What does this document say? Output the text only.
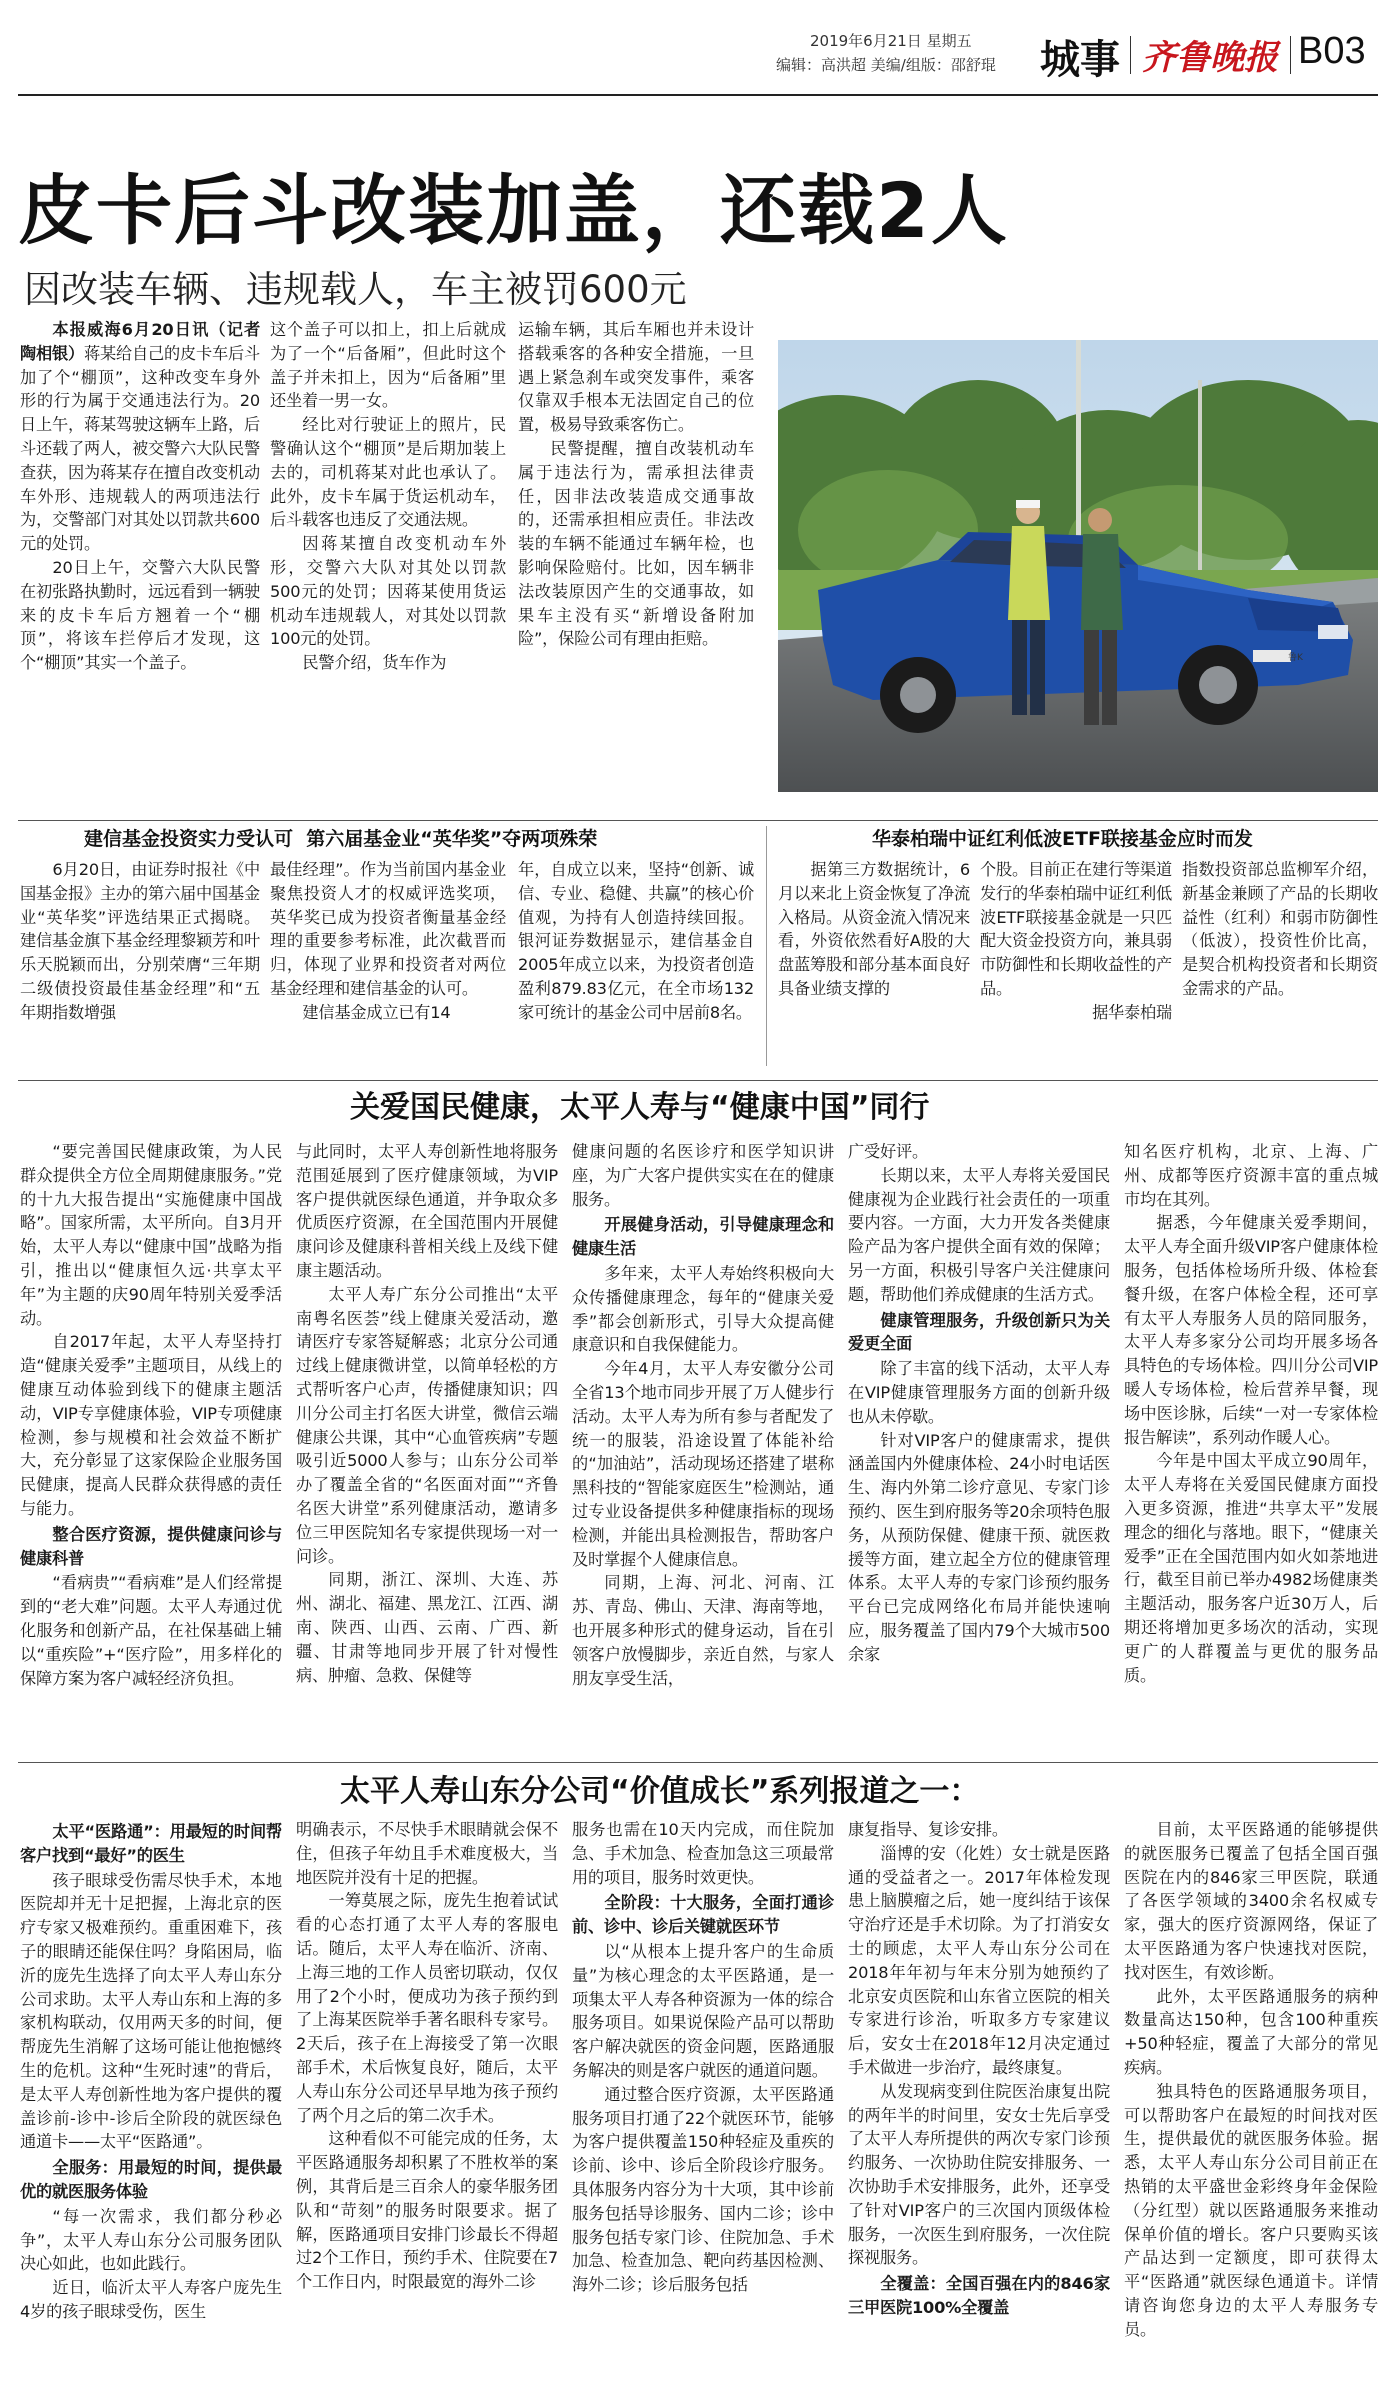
2019年6月21日 星期五
编辑：高洪超 美编/组版：邵舒琨 城事 齐鲁晚报 B03
皮卡后斗改装加盖，还载2人
因改装车辆、违规载人，车主被罚600元

本报威海6月20日讯（记者 陶相银）蒋某给自己的皮卡车后斗加了个“棚顶”，这种改变车身外形的行为属于交通违法行为。20日上午，蒋某驾驶这辆车上路，后斗还载了两人，被交警六大队民警查获，因为蒋某存在擅自改变机动车外形、违规载人的两项违法行为，交警部门对其处以罚款共600元的处罚。

20日上午，交警六大队民警在初张路执勤时，远远看到一辆驶来的皮卡车后方翘着一个“棚顶”，将该车拦停后才发现，这个“棚顶”其实一个盖子。

这个盖子可以扣上，扣上后就成为了一个“后备厢”，但此时这个盖子并未扣上，因为“后备厢”里还坐着一男一女。

经比对行驶证上的照片，民警确认这个“棚顶”是后期加装上去的，司机蒋某对此也承认了。此外，皮卡车属于货运机动车，后斗载客也违反了交通法规。

因蒋某擅自改变机动车外形，交警六大队对其处以罚款500元的处罚；因蒋某使用货运机动车违规载人，对其处以罚款100元的处罚。

民警介绍，货车作为

运输车辆，其后车厢也并未设计搭载乘客的各种安全措施，一旦遇上紧急刹车或突发事件，乘客仅靠双手根本无法固定自己的位置，极易导致乘客伤亡。

民警提醒，擅自改装机动车属于违法行为，需承担法律责任，因非法改装造成交通事故的，还需承担相应责任。非法改装的车辆不能通过车辆年检，也影响保险赔付。比如，因车辆非法改装原因产生的交通事故，如果车主没有买“新增设备附加险”，保险公司有理由拒赔。

鲁K
建信基金投资实力受认可  第六届基金业“英华奖”夺两项殊荣

6月20日，由证券时报社《中国基金报》主办的第六届中国基金业“英华奖”评选结果正式揭晓。建信基金旗下基金经理黎颖芳和叶乐天脱颖而出，分别荣膺“三年期二级债投资最佳基金经理”和“五年期指数增强

最佳经理”。作为当前国内基金业聚焦投资人才的权威评选奖项，英华奖已成为投资者衡量基金经理的重要参考标准，此次截晋而归，体现了业界和投资者对两位基金经理和建信基金的认可。

建信基金成立已有14

年，自成立以来，坚持“创新、诚信、专业、稳健、共赢”的核心价值观，为持有人创造持续回报。银河证券数据显示，建信基金自2005年成立以来，为投资者创造盈利879.83亿元，在全市场132家可统计的基金公司中居前8名。

华泰柏瑞中证红利低波ETF联接基金应时而发

据第三方数据统计，6月以来北上资金恢复了净流入格局。从资金流入情况来看，外资依然看好A股的大盘蓝筹股和部分基本面良好具备业绩支撑的

个股。目前正在建行等渠道发行的华泰柏瑞中证红利低波ETF联接基金就是一只匹配大资金投资方向，兼具弱市防御性和长期收益性的产品。

据华泰柏瑞

指数投资部总监柳军介绍，新基金兼顾了产品的长期收益性（红利）和弱市防御性（低波），投资性价比高，是契合机构投资者和长期资金需求的产品。

关爱国民健康，太平人寿与“健康中国”同行

“要完善国民健康政策，为人民群众提供全方位全周期健康服务。”党的十九大报告提出“实施健康中国战略”。国家所需，太平所向。自3月开始，太平人寿以“健康中国”战略为指引，推出以“健康恒久远·共享太平年”为主题的庆90周年特别关爱季活动。

自2017年起，太平人寿坚持打造“健康关爱季”主题项目，从线上的健康互动体验到线下的健康主题活动，VIP专享健康体验，VIP专项健康检测，参与规模和社会效益不断扩大，充分彰显了这家保险企业服务国民健康，提高人民群众获得感的责任与能力。

整合医疗资源，提供健康问诊与健康科普

“看病贵”“看病难”是人们经常提到的“老大难”问题。太平人寿通过优化服务和创新产品，在社保基础上辅以“重疾险”+“医疗险”，用多样化的保障方案为客户减轻经济负担。

与此同时，太平人寿创新性地将服务范围延展到了医疗健康领域，为VIP客户提供就医绿色通道，并争取众多优质医疗资源，在全国范围内开展健康问诊及健康科普相关线上及线下健康主题活动。

太平人寿广东分公司推出“太平南粤名医荟”线上健康关爱活动，邀请医疗专家答疑解惑；北京分公司通过线上健康微讲堂，以简单轻松的方式帮听客户心声，传播健康知识；四川分公司主打名医大讲堂，微信云端健康公共课，其中“心血管疾病”专题吸引近5000人参与；山东分公司举办了覆盖全省的“名医面对面”“齐鲁名医大讲堂”系列健康活动，邀请多位三甲医院知名专家提供现场一对一问诊。

同期，浙江、深圳、大连、苏州、湖北、福建、黑龙江、江西、湖南、陕西、山西、云南、广西、新疆、甘肃等地同步开展了针对慢性病、肿瘤、急救、保健等

健康问题的名医诊疗和医学知识讲座，为广大客户提供实实在在的健康服务。

开展健身活动，引导健康理念和健康生活

多年来，太平人寿始终积极向大众传播健康理念，每年的“健康关爱季”都会创新形式，引导大众提高健康意识和自我保健能力。

今年4月，太平人寿安徽分公司全省13个地市同步开展了万人健步行活动。太平人寿为所有参与者配发了统一的服装，沿途设置了体能补给的“加油站”，活动现场还搭建了堪称黑科技的“智能家庭医生”检测站，通过专业设备提供多种健康指标的现场检测，并能出具检测报告，帮助客户及时掌握个人健康信息。

同期，上海、河北、河南、江苏、青岛、佛山、天津、海南等地，也开展多种形式的健身运动，旨在引领客户放慢脚步，亲近自然，与家人朋友享受生活，

广受好评。

长期以来，太平人寿将关爱国民健康视为企业践行社会责任的一项重要内容。一方面，大力开发各类健康险产品为客户提供全面有效的保障；另一方面，积极引导客户关注健康问题，帮助他们养成健康的生活方式。

健康管理服务，升级创新只为关爱更全面

除了丰富的线下活动，太平人寿在VIP健康管理服务方面的创新升级也从未停歇。

针对VIP客户的健康需求，提供涵盖国内外健康体检、24小时电话医生、海内外第二诊疗意见、专家门诊预约、医生到府服务等20余项特色服务，从预防保健、健康干预、就医救援等方面，建立起全方位的健康管理体系。太平人寿的专家门诊预约服务平台已完成网络化布局并能快速响应，服务覆盖了国内79个大城市500余家

知名医疗机构，北京、上海、广州、成都等医疗资源丰富的重点城市均在其列。

据悉，今年健康关爱季期间，太平人寿全面升级VIP客户健康体检服务，包括体检场所升级、体检套餐升级，在客户体检全程，还可享有太平人寿服务人员的陪同服务，太平人寿多家分公司均开展多场各具特色的专场体检。四川分公司VIP暖人专场体检，检后营养早餐，现场中医诊脉，后续“一对一专家体检报告解读”，系列动作暖人心。

今年是中国太平成立90周年，太平人寿将在关爱国民健康方面投入更多资源，推进“共享太平”发展理念的细化与落地。眼下，“健康关爱季”正在全国范围内如火如荼地进行，截至目前已举办4982场健康类主题活动，服务客户近30万人，后期还将增加更多场次的活动，实现更广的人群覆盖与更优的服务品质。

太平人寿山东分公司“价值成长”系列报道之一：

太平“医路通”：用最短的时间帮客户找到“最好”的医生

孩子眼球受伤需尽快手术，本地医院却并无十足把握，上海北京的医疗专家又极难预约。重重困难下，孩子的眼睛还能保住吗？身陷困局，临沂的庞先生选择了向太平人寿山东分公司求助。太平人寿山东和上海的多家机构联动，仅用两天多的时间，便帮庞先生消解了这场可能让他抱憾终生的危机。这种“生死时速”的背后，是太平人寿创新性地为客户提供的覆盖诊前-诊中-诊后全阶段的就医绿色通道卡——太平“医路通”。

全服务：用最短的时间，提供最优的就医服务体验

“每一次需求，我们都分秒必争”，太平人寿山东分公司服务团队决心如此，也如此践行。

近日，临沂太平人寿客户庞先生4岁的孩子眼球受伤，医生

明确表示，不尽快手术眼睛就会保不住，但孩子年幼且手术难度极大，当地医院并没有十足的把握。

一筹莫展之际，庞先生抱着试试看的心态打通了太平人寿的客服电话。随后，太平人寿在临沂、济南、上海三地的工作人员密切联动，仅仅用了2个小时，便成功为孩子预约到了上海某医院举手著名眼科专家号。2天后，孩子在上海接受了第一次眼部手术，术后恢复良好，随后，太平人寿山东分公司还早早地为孩子预约了两个月之后的第二次手术。

这种看似不可能完成的任务，太平医路通服务却积累了不胜枚举的案例，其背后是三百余人的豪华服务团队和“苛刻”的服务时限要求。据了解，医路通项目安排门诊最长不得超过2个工作日，预约手术、住院要在7个工作日内，时限最宽的海外二诊

服务也需在10天内完成，而住院加急、手术加急、检查加急这三项最常用的项目，服务时效更快。

全阶段：十大服务，全面打通诊前、诊中、诊后关键就医环节

以“从根本上提升客户的生命质量”为核心理念的太平医路通，是一项集太平人寿各种资源为一体的综合服务项目。如果说保险产品可以帮助客户解决就医的资金问题，医路通服务解决的则是客户就医的通道问题。

通过整合医疗资源，太平医路通服务项目打通了22个就医环节，能够为客户提供覆盖150种轻症及重疾的诊前、诊中、诊后全阶段诊疗服务。具体服务内容分为十大项，其中诊前服务包括导诊服务、国内二诊；诊中服务包括专家门诊、住院加急、手术加急、检查加急、靶向药基因检测、海外二诊；诊后服务包括

康复指导、复诊安排。

淄博的安（化姓）女士就是医路通的受益者之一。2017年体检发现患上脑膜瘤之后，她一度纠结于该保守治疗还是手术切除。为了打消安女士的顾虑，太平人寿山东分公司在2018年年初与年末分别为她预约了北京安贞医院和山东省立医院的相关专家进行诊治，听取多方专家建议后，安女士在2018年12月决定通过手术做进一步治疗，最终康复。

从发现病变到住院医治康复出院的两年半的时间里，安女士先后享受了太平人寿所提供的两次专家门诊预约服务、一次协助住院安排服务、一次协助手术安排服务，此外，还享受了针对VIP客户的三次国内顶级体检服务，一次医生到府服务，一次住院探视服务。

全覆盖：全国百强在内的846家三甲医院100%全覆盖

目前，太平医路通的能够提供的就医服务已覆盖了包括全国百强医院在内的846家三甲医院，联通了各医学领域的3400余名权威专家，强大的医疗资源网络，保证了太平医路通为客户快速找对医院，找对医生，有效诊断。

此外，太平医路通服务的病种数量高达150种，包含100种重疾+50种轻症，覆盖了大部分的常见疾病。

独具特色的医路通服务项目，可以帮助客户在最短的时间找对医生，提供最优的就医服务体验。据悉，太平人寿山东分公司目前正在热销的太平盛世金彩终身年金保险（分红型）就以医路通服务来推动保单价值的增长。客户只要购买该产品达到一定额度，即可获得太平“医路通”就医绿色通道卡。详情请咨询您身边的太平人寿服务专员。
